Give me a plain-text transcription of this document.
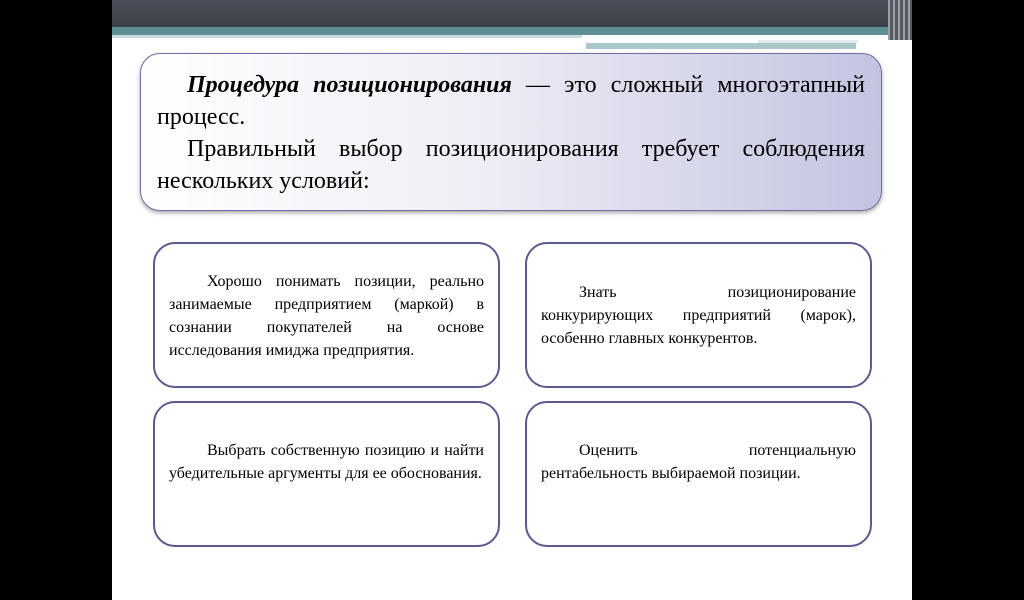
Процедура позиционирования — это сложный многоэтапный процесс.

Правильный выбор позиционирования требует соблюдения нескольких условий:

Хорошо понимать позиции, реально занимаемые предприятием (маркой) в сознании покупателей на основе исследования имиджа предприятия.

Знать позиционирование конкурирующих предприятий (марок), особенно главных конкурентов.

Выбрать собственную позицию и найти убедительные аргументы для ее обоснования.

Оценить потенциальную рентабельность выбираемой позиции.
